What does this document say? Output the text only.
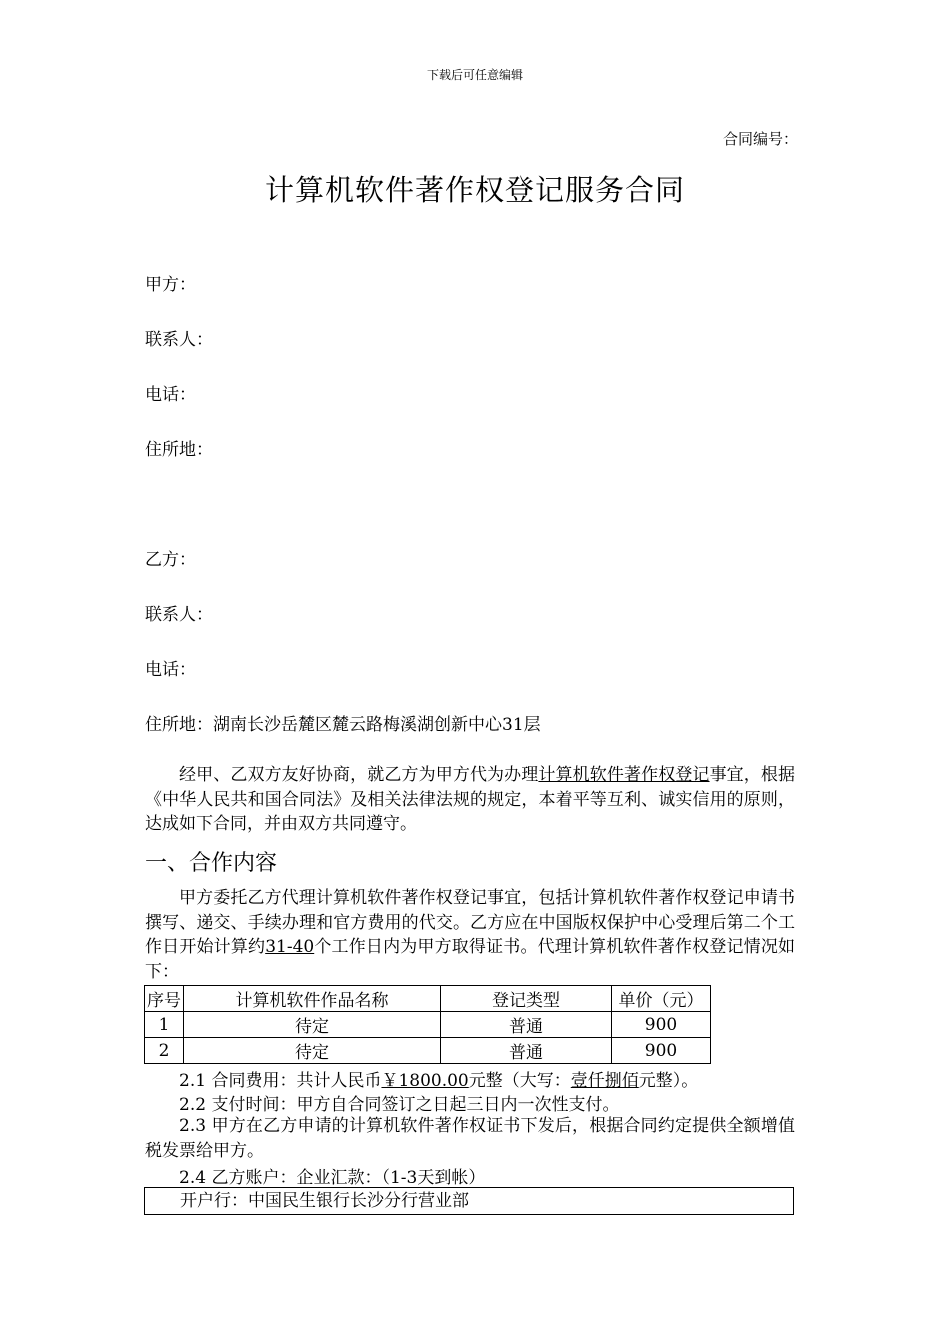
下载后可任意编辑
合同编号：
计算机软件著作权登记服务合同
甲方：
联系人：
电话：
住所地：
乙方：
联系人：
电话：
住所地：湖南长沙岳麓区麓云路梅溪湖创新中心31层
经甲、乙双方友好协商，就乙方为甲方代为办理计算机软件著作权登记事宜，根据《中华人民共和国合同法》及相关法律法规的规定，本着平等互利、诚实信用的原则，达成如下合同，并由双方共同遵守。
一、合作内容
甲方委托乙方代理计算机软件著作权登记事宜，包括计算机软件著作权登记申请书撰写、递交、手续办理和官方费用的代交。乙方应在中国版权保护中心受理后第二个工作日开始计算约31-40个工作日内为甲方取得证书。代理计算机软件著作权登记情况如下：
序号	计算机软件作品名称	登记类型	单价（元）
1	待定	普通	900
2	待定	普通	900
2.1 合同费用：共计人民币￥1800.00元整（大写：壹仟捌佰元整）。
2.2 支付时间：甲方自合同签订之日起三日内一次性支付。
2.3 甲方在乙方申请的计算机软件著作权证书下发后，根据合同约定提供全额增值税发票给甲方。
2.4 乙方账户：企业汇款：（1-3天到帐）
开户行：中国民生银行长沙分行营业部
